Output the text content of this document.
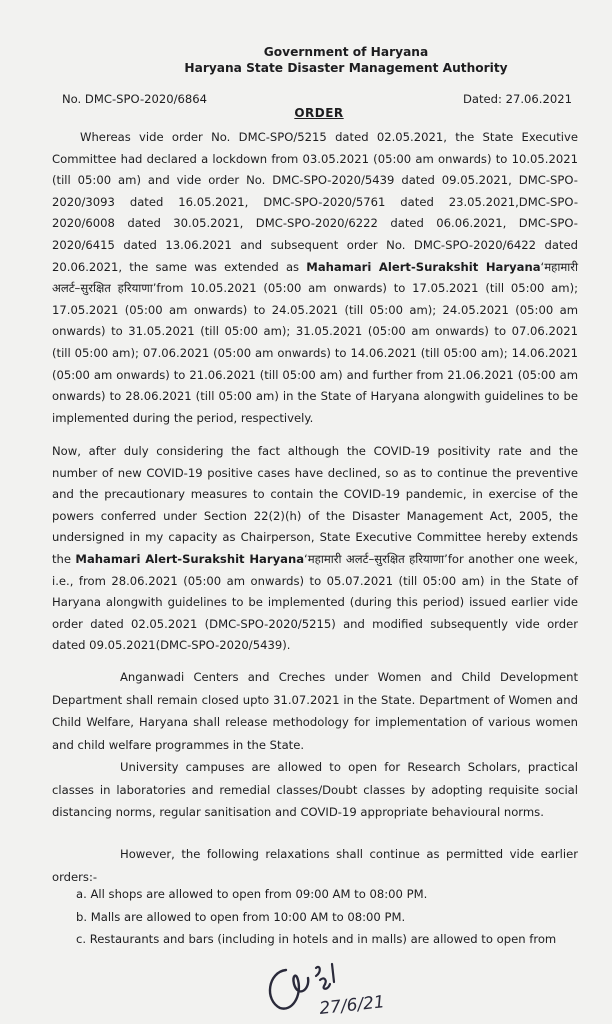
Government of Haryana
Haryana State Disaster Management Authority
No. DMC-SPO-2020/6864	Dated: 27.06.2021
ORDER

Whereas vide order No. DMC-SPO/5215 dated 02.05.2021, the State Executive Committee had declared a lockdown from 03.05.2021 (05:00 am onwards) to 10.05.2021 (till 05:00 am) and vide order No. DMC-SPO-2020/5439 dated 09.05.2021, DMC-SPO-2020/3093 dated 16.05.2021, DMC-SPO-2020/5761 dated 23.05.2021,DMC-SPO-2020/6008 dated 30.05.2021, DMC-SPO-2020/6222 dated 06.06.2021, DMC-SPO-2020/6415 dated 13.06.2021 and subsequent order No. DMC-SPO-2020/6422 dated 20.06.2021, the same was extended as Mahamari Alert-Surakshit Haryana‘महामारी अलर्ट–सुरक्षित हरियाणा’from 10.05.2021 (05:00 am onwards) to 17.05.2021 (till 05:00 am); 17.05.2021 (05:00 am onwards) to 24.05.2021 (till 05:00 am); 24.05.2021 (05:00 am onwards) to 31.05.2021 (till 05:00 am); 31.05.2021 (05:00 am onwards) to 07.06.2021 (till 05:00 am); 07.06.2021 (05:00 am onwards) to 14.06.2021 (till 05:00 am); 14.06.2021 (05:00 am onwards) to 21.06.2021 (till 05:00 am) and further from 21.06.2021 (05:00 am onwards) to 28.06.2021 (till 05:00 am) in the State of Haryana alongwith guidelines to be implemented during the period, respectively.

Now, after duly considering the fact although the COVID-19 positivity rate and the number of new COVID-19 positive cases have declined, so as to continue the preventive and the precautionary measures to contain the COVID-19 pandemic, in exercise of the powers conferred under Section 22(2)(h) of the Disaster Management Act, 2005, the undersigned in my capacity as Chairperson, State Executive Committee hereby extends the Mahamari Alert-Surakshit Haryana‘महामारी अलर्ट–सुरक्षित हरियाणा’for another one week, i.e., from 28.06.2021 (05:00 am onwards) to 05.07.2021 (till 05:00 am) in the State of Haryana alongwith guidelines to be implemented (during this period) issued earlier vide order dated 02.05.2021 (DMC-SPO-2020/5215) and modified subsequently vide order dated 09.05.2021(DMC-SPO-2020/5439).

Anganwadi Centers and Creches under Women and Child Development Department shall remain closed upto 31.07.2021 in the State. Department of Women and Child Welfare, Haryana shall release methodology for implementation of various women and child welfare programmes in the State.

University campuses are allowed to open for Research Scholars, practical classes in laboratories and remedial classes/Doubt classes by adopting requisite social distancing norms, regular sanitisation and COVID-19 appropriate behavioural norms.

However, the following relaxations shall continue as permitted vide earlier orders:-

a. All shops are allowed to open from 09:00 AM to 08:00 PM.
b. Malls are allowed to open from 10:00 AM to 08:00 PM.
c. Restaurants and bars (including in hotels and in malls) are allowed to open from
27/6/21
